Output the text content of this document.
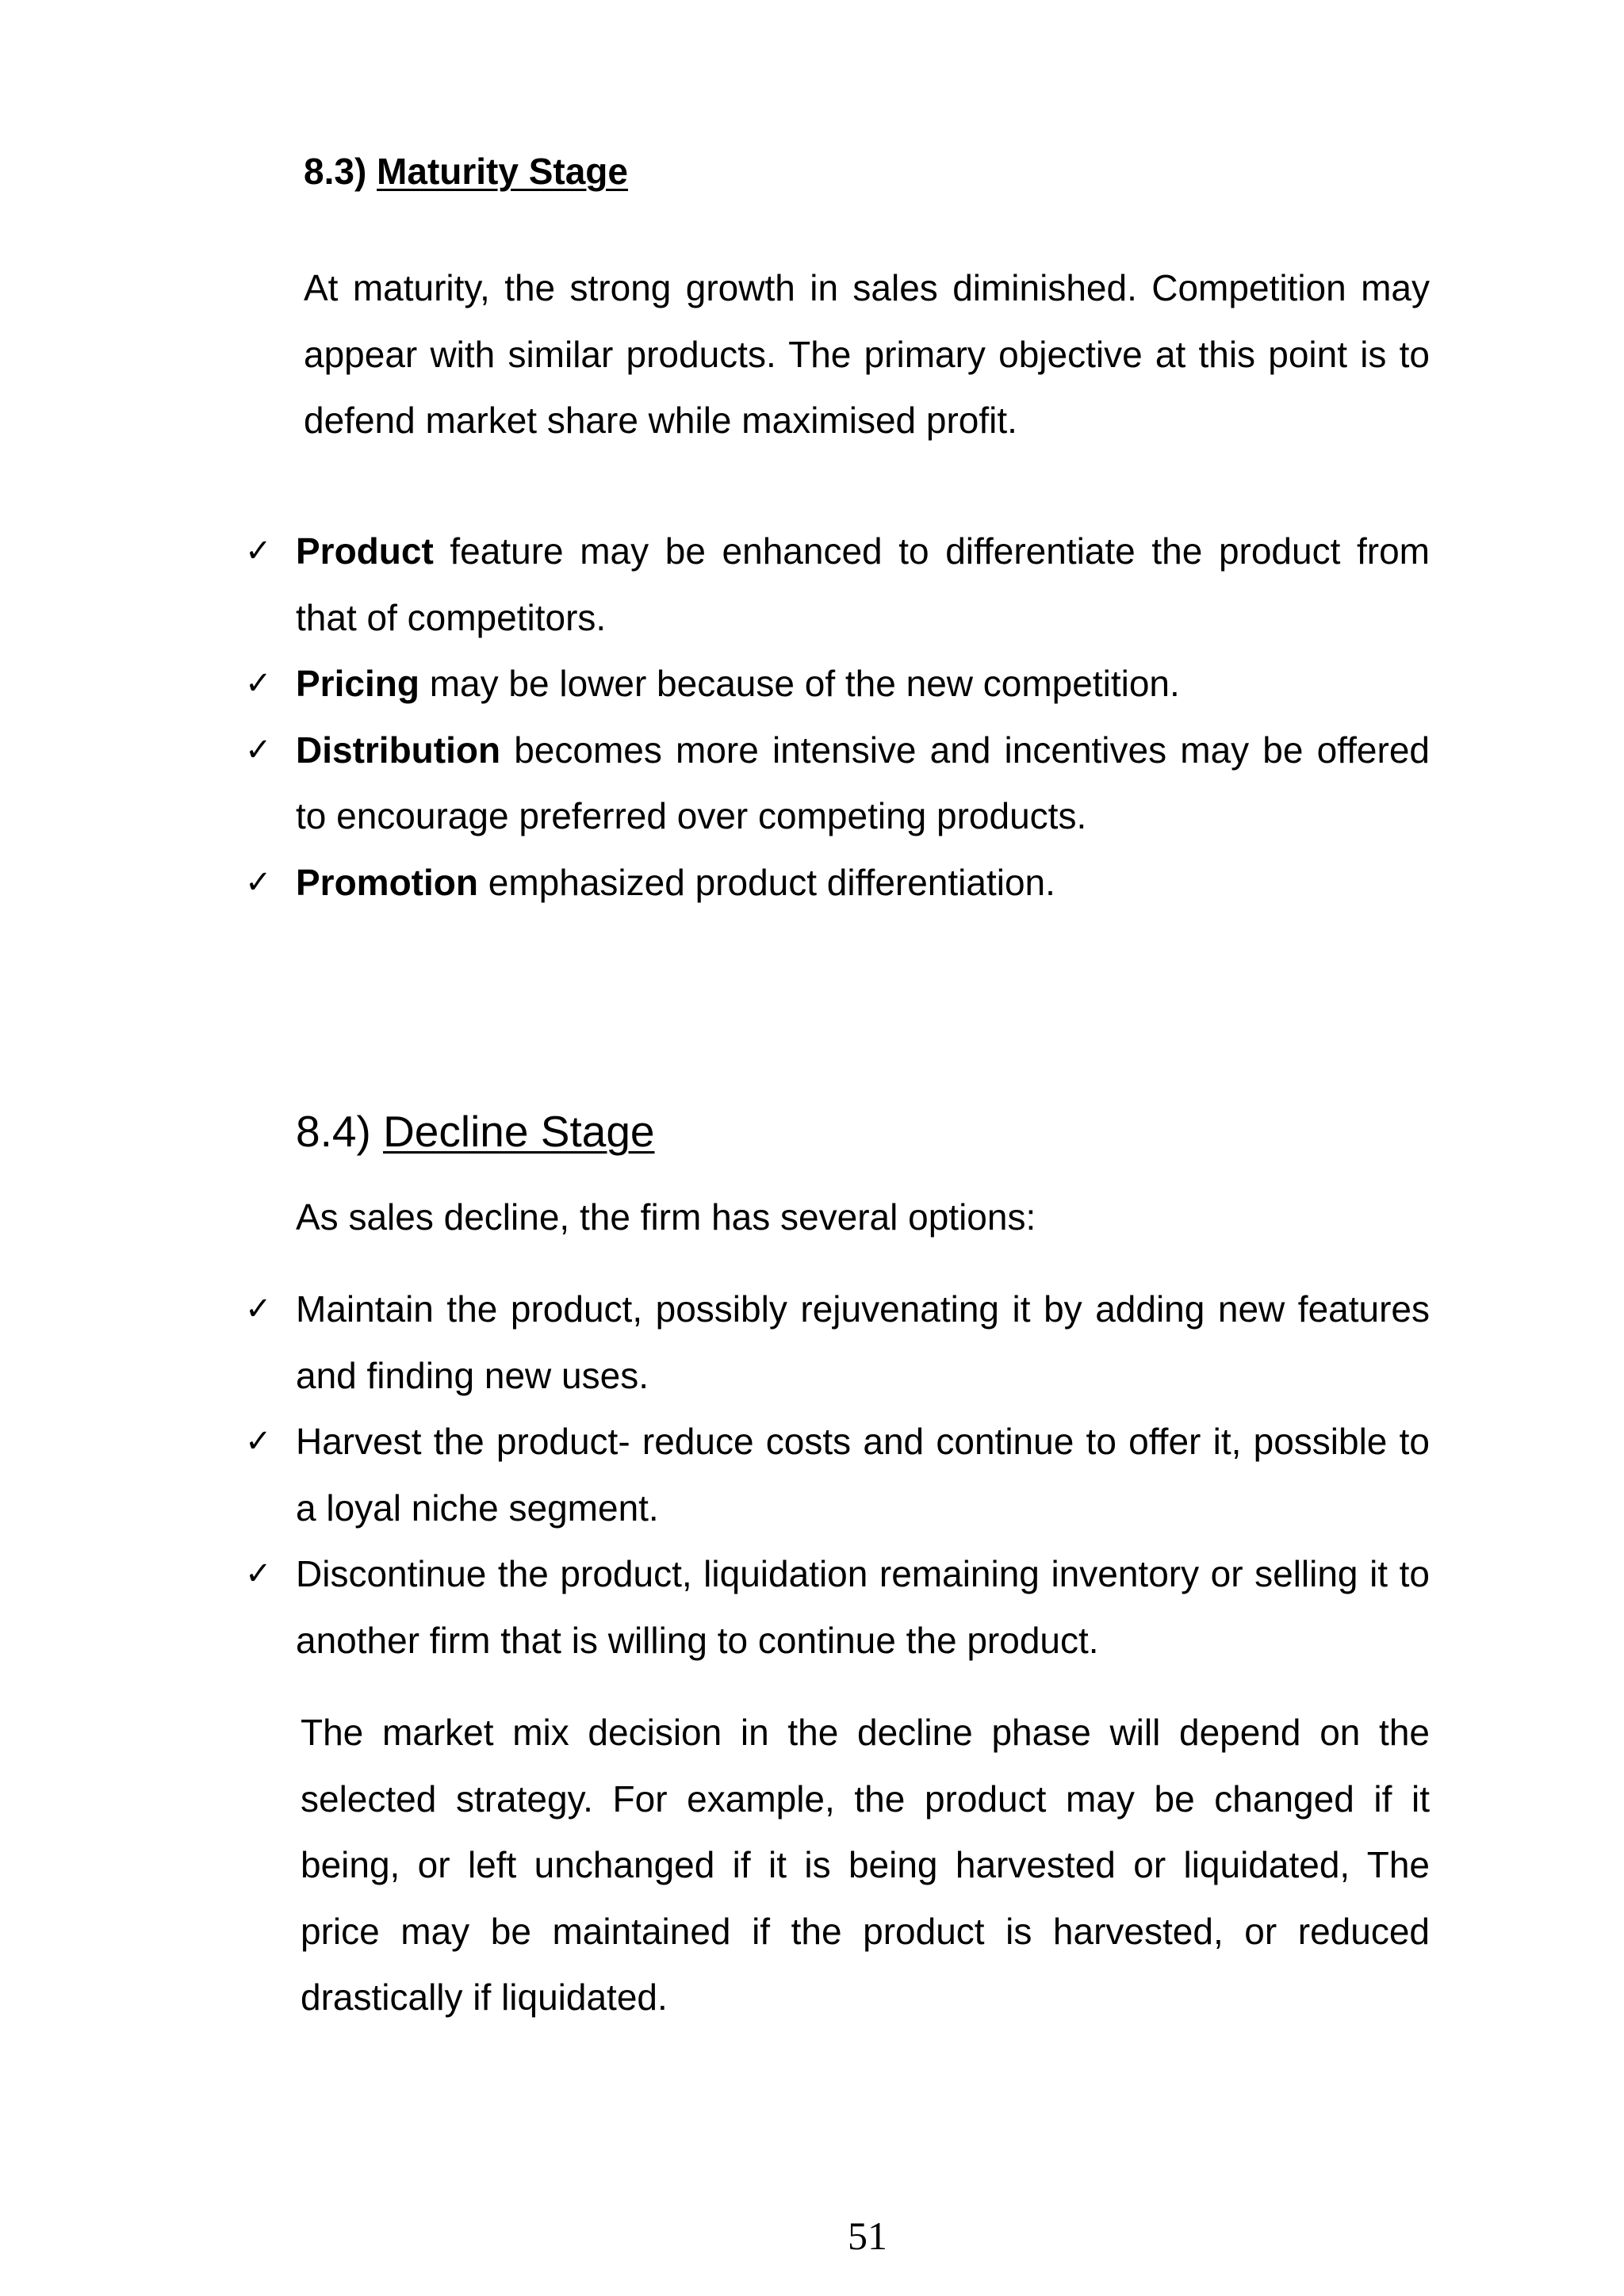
8.3) Maturity Stage
At maturity, the strong growth in sales diminished. Competition may appear with similar products. The primary objective at this point is to defend market share while maximised profit.
✓ Product feature may be enhanced to differentiate the product from that of competitors.
✓ Pricing may be lower because of the new competition.
✓ Distribution becomes more intensive and incentives may be offered to encourage preferred over competing products.
✓ Promotion emphasized product differentiation.
8.4) Decline Stage
As sales decline, the firm has several options:
✓ Maintain the product, possibly rejuvenating it by adding new features and finding new uses.
✓ Harvest the product- reduce costs and continue to offer it, possible to a loyal niche segment.
✓ Discontinue the product, liquidation remaining inventory or selling it to another firm that is willing to continue the product.
The market mix decision in the decline phase will depend on the selected strategy. For example, the product may be changed if it being, or left unchanged if it is being harvested or liquidated, The price may be maintained if the product is harvested, or reduced drastically if liquidated.
51
